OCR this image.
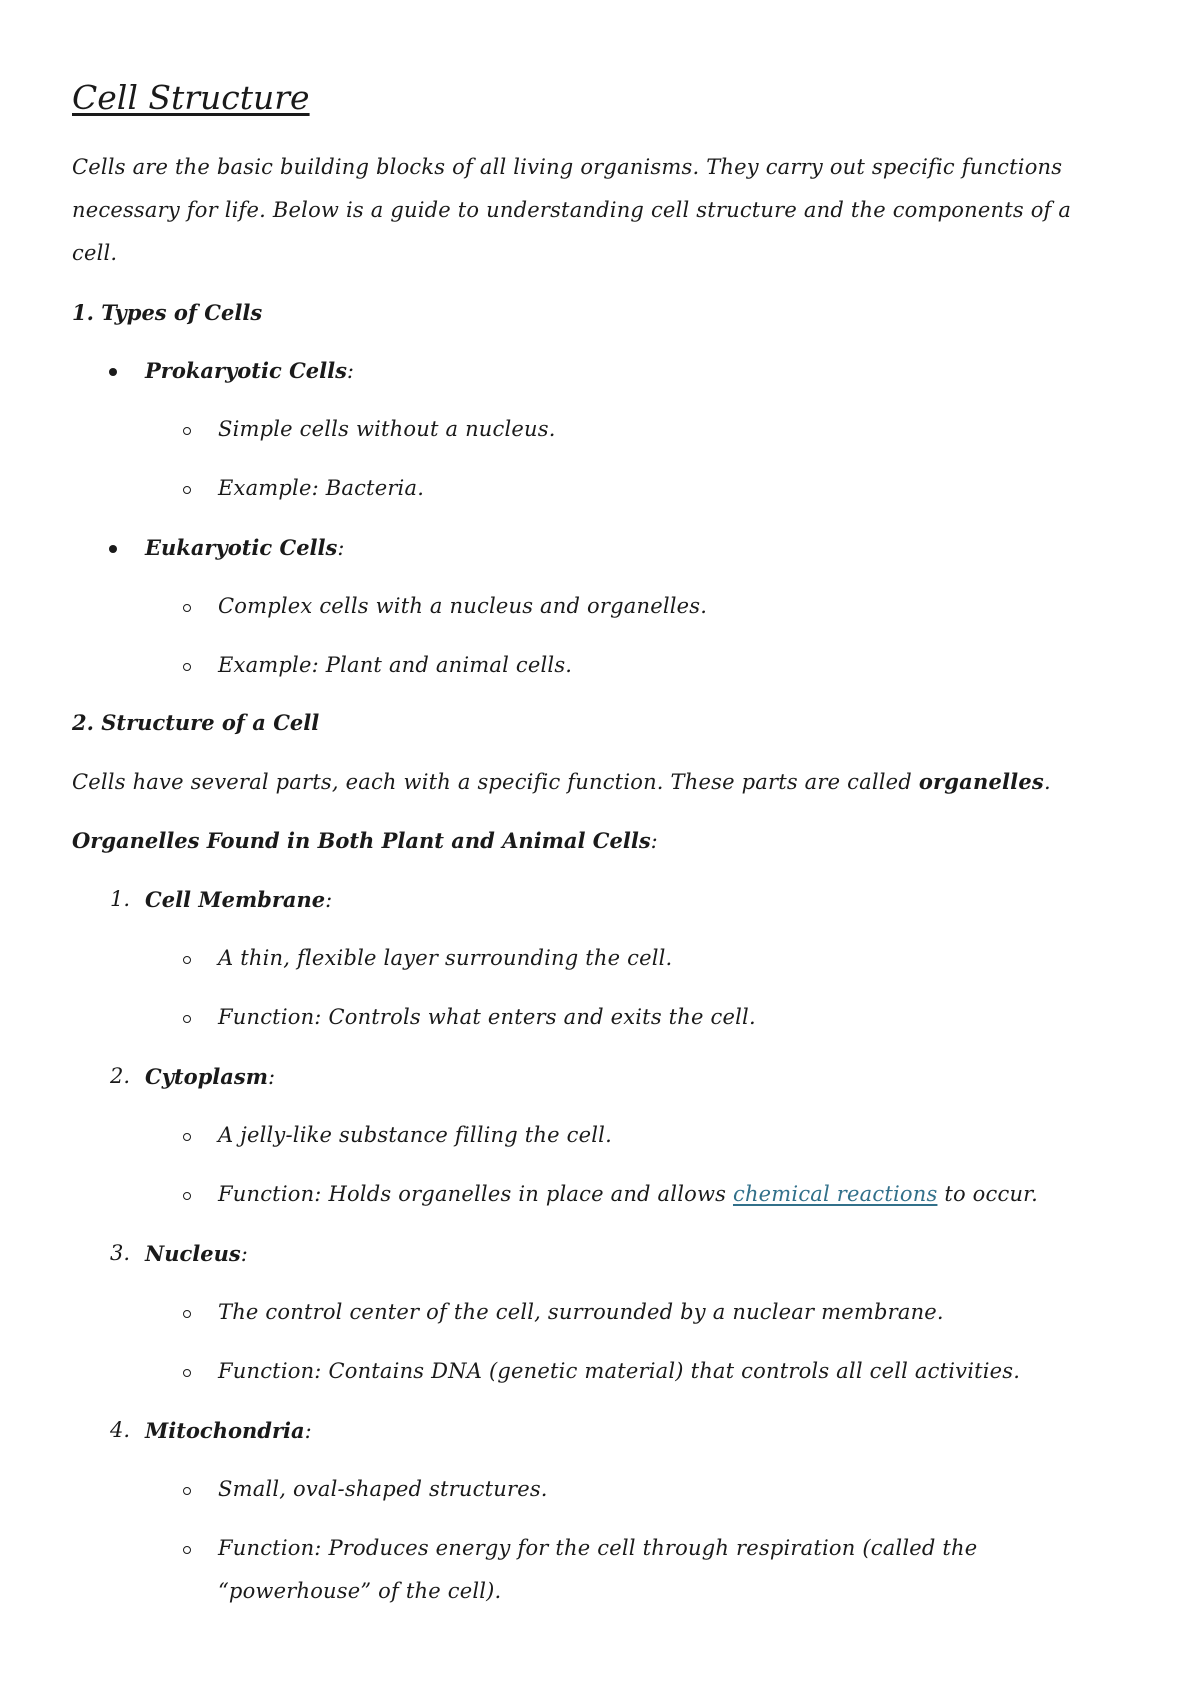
Cell Structure
Cells are the basic building blocks of all living organisms. They carry out specific functions
necessary for life. Below is a guide to understanding cell structure and the components of a
cell.
1. Types of Cells
Prokaryotic Cells:
Simple cells without a nucleus.
Example: Bacteria.
Eukaryotic Cells:
Complex cells with a nucleus and organelles.
Example: Plant and animal cells.
2. Structure of a Cell
Cells have several parts, each with a specific function. These parts are called organelles.
Organelles Found in Both Plant and Animal Cells:
1. Cell Membrane:
A thin, flexible layer surrounding the cell.
Function: Controls what enters and exits the cell.
2. Cytoplasm:
A jelly-like substance filling the cell.
Function: Holds organelles in place and allows chemical reactions to occur.
3. Nucleus:
The control center of the cell, surrounded by a nuclear membrane.
Function: Contains DNA (genetic material) that controls all cell activities.
4. Mitochondria:
Small, oval-shaped structures.
Function: Produces energy for the cell through respiration (called the
“powerhouse” of the cell).
